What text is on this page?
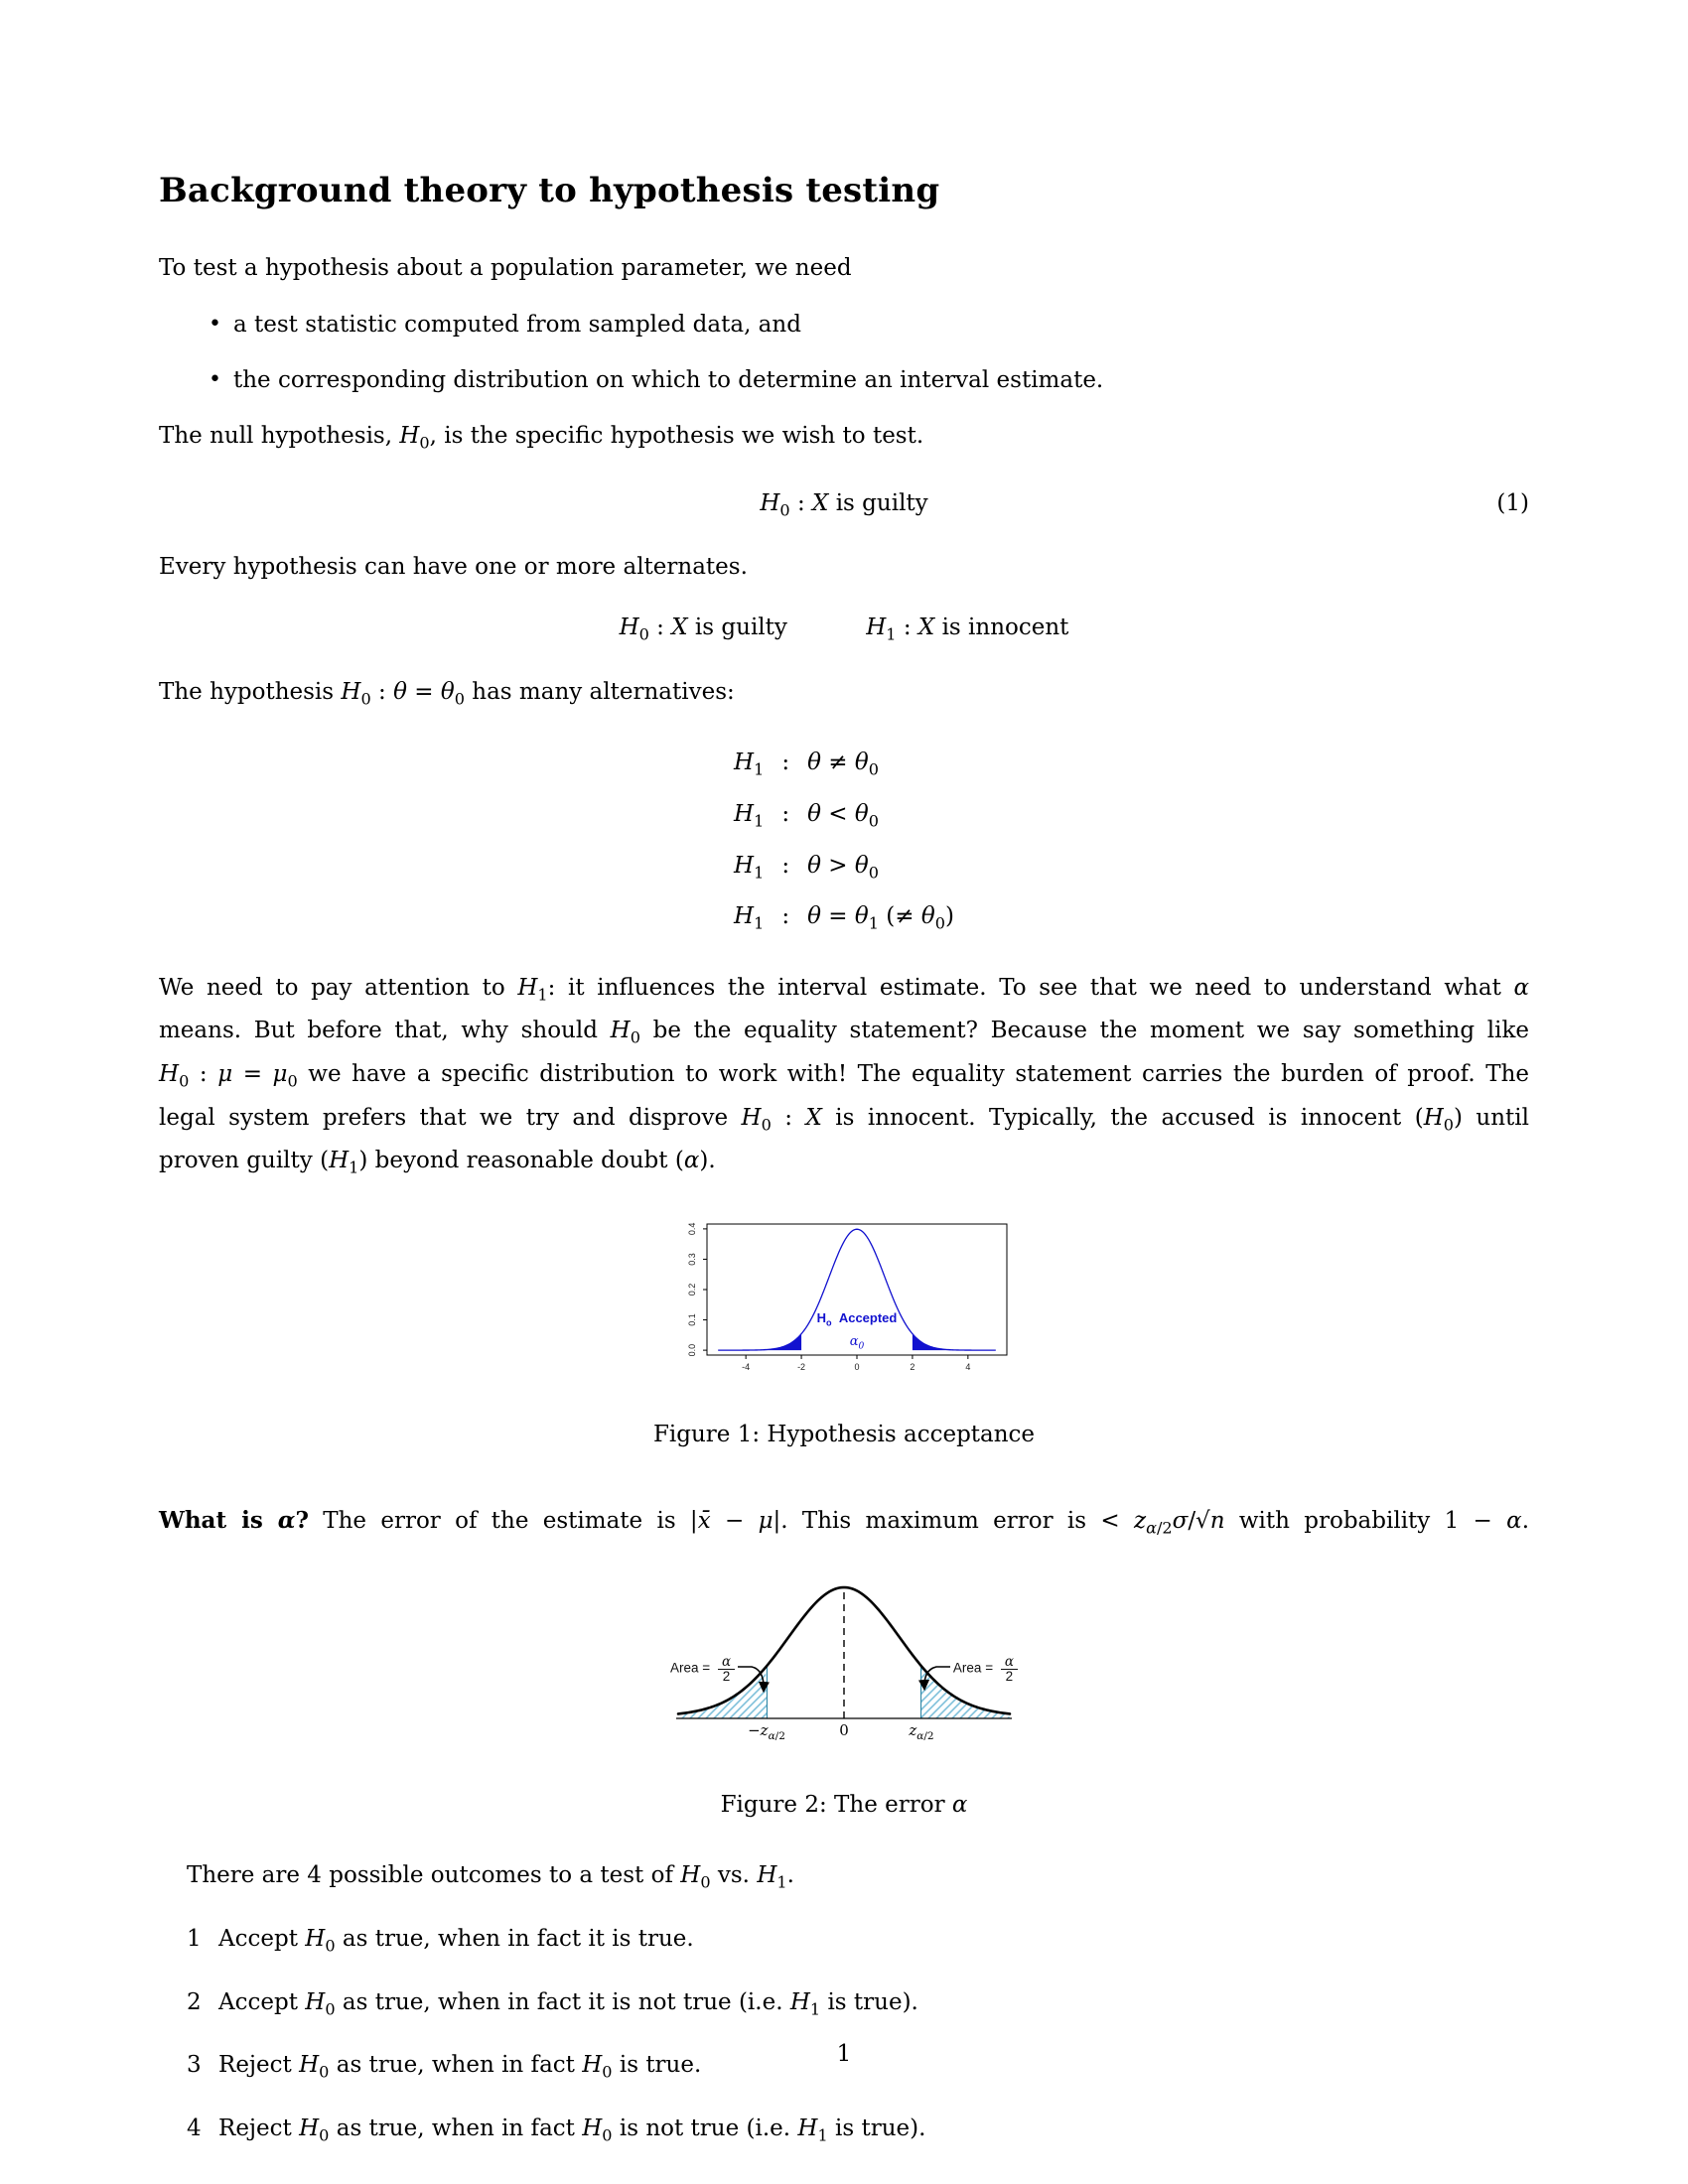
Background theory to hypothesis testing

To test a hypothesis about a population parameter, we need

• a test statistic computed from sampled data, and
• the corresponding distribution on which to determine an interval estimate.

The null hypothesis, $H_0$, is the specific hypothesis we wish to test.

$H_0$ : X is guilty	(1)

Every hypothesis can have one or more alternates.

$H_0$ : X is guilty	$H_1$ : X is innocent

The hypothesis $H_0$ : $\theta = \theta_0$ has many alternatives:

$H_1$ : $\theta \ne \theta_0$
$H_1$ : $\theta < \theta_0$
$H_1$ : $\theta > \theta_0$
$H_1$ : $\theta = \theta_1$ (≠ $\theta_0$)
We need to pay attention to $H_1$: it influences the interval estimate. To see that we need to understand what α
means. But before that, why should $H_0$ be the equality statement? Because the moment we say something like
$H_0$ : $\mu = \mu_0$ we have a specific distribution to work with! The equality statement carries the burden of proof. The
legal system prefers that we try and disprove $H_0$ : X is innocent. Typically, the accused is innocent $(H_0)$ until
proven guilty $(H_1)$ beyond reasonable doubt (α).
-4	-2	0	2	4
0.0
0.1
0.2
0.3
0.4
$H_o$  Accepted
$\alpha_0$

Figure 1: Hypothesis acceptance

What is α? The error of the estimate is |x̄ − μ|. This maximum error is < $z_{\alpha/2}\sigma/√n$ with probability 1 − α.
Area = $\frac{\alpha}{2}$	Area = $\frac{\alpha}{2}$
$-z_{\alpha/2}$	0	$z_{\alpha/2}$

Figure 2: The error α

There are 4 possible outcomes to a test of $H_0$ vs. $H_1$.

1 Accept $H_0$ as true, when in fact it is true.
2 Accept $H_0$ as true, when in fact it is not true (i.e. $H_1$ is true).
3 Reject $H_0$ as true, when in fact $H_0$ is true.
4 Reject $H_0$ as true, when in fact $H_0$ is not true (i.e. $H_1$ is true).
1
